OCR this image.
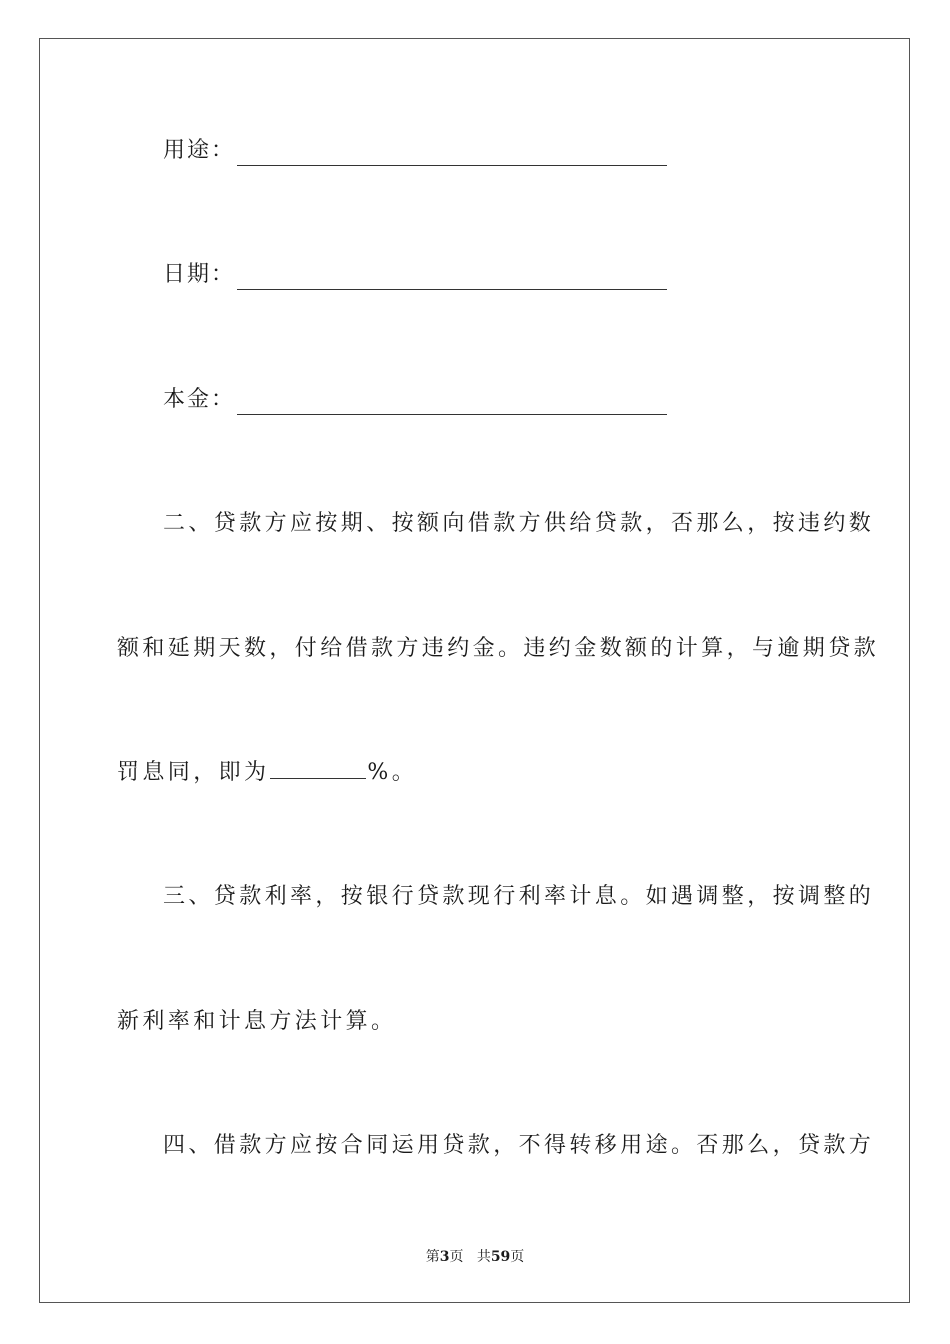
用途：
日期：
本金：
二、贷款方应按期、按额向借款方供给贷款，否那么，按违约数
额和延期天数，付给借款方违约金。违约金数额的计算，与逾期贷款
罚息同，即为	%。
三、贷款利率，按银行贷款现行利率计息。如遇调整，按调整的
新利率和计息方法计算。
四、借款方应按合同运用贷款，不得转移用途。否那么，贷款方
第3页 共59页
